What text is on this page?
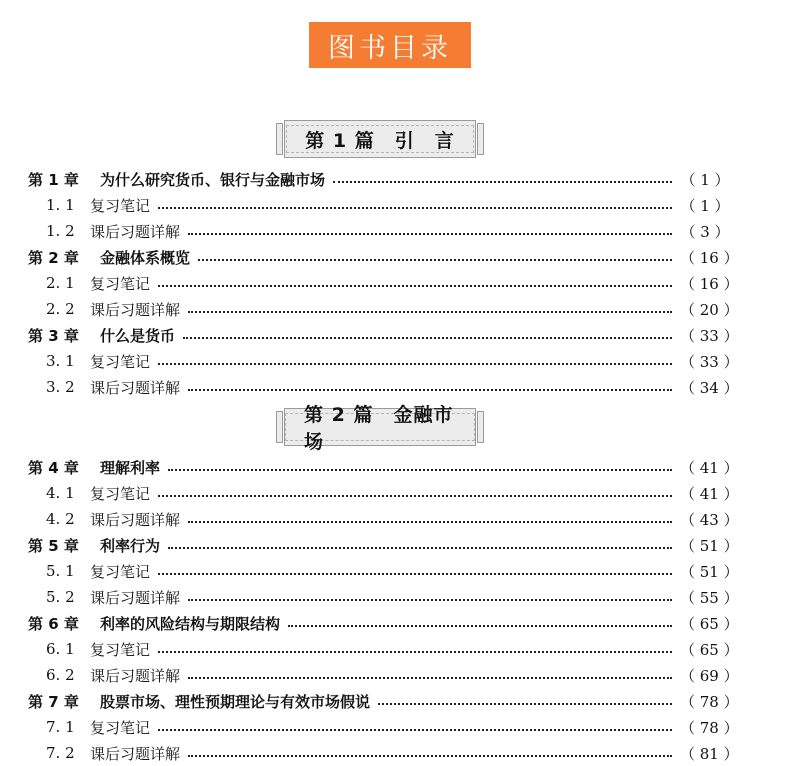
图书目录
第 1 篇　引　言
第 1 章	为什么研究货币、银行与金融市场	（ 1 ）
1. 1	复习笔记	（ 1 ）
1. 2	课后习题详解	（ 3 ）
第 2 章	金融体系概览	（ 16 ）
2. 1	复习笔记	（ 16 ）
2. 2	课后习题详解	（ 20 ）
第 3 章	什么是货币	（ 33 ）
3. 1	复习笔记	（ 33 ）
3. 2	课后习题详解	（ 34 ）
第 2 篇　金融市场
第 4 章	理解利率	（ 41 ）
4. 1	复习笔记	（ 41 ）
4. 2	课后习题详解	（ 43 ）
第 5 章	利率行为	（ 51 ）
5. 1	复习笔记	（ 51 ）
5. 2	课后习题详解	（ 55 ）
第 6 章	利率的风险结构与期限结构	（ 65 ）
6. 1	复习笔记	（ 65 ）
6. 2	课后习题详解	（ 69 ）
第 7 章	股票市场、理性预期理论与有效市场假说	（ 78 ）
7. 1	复习笔记	（ 78 ）
7. 2	课后习题详解	（ 81 ）
